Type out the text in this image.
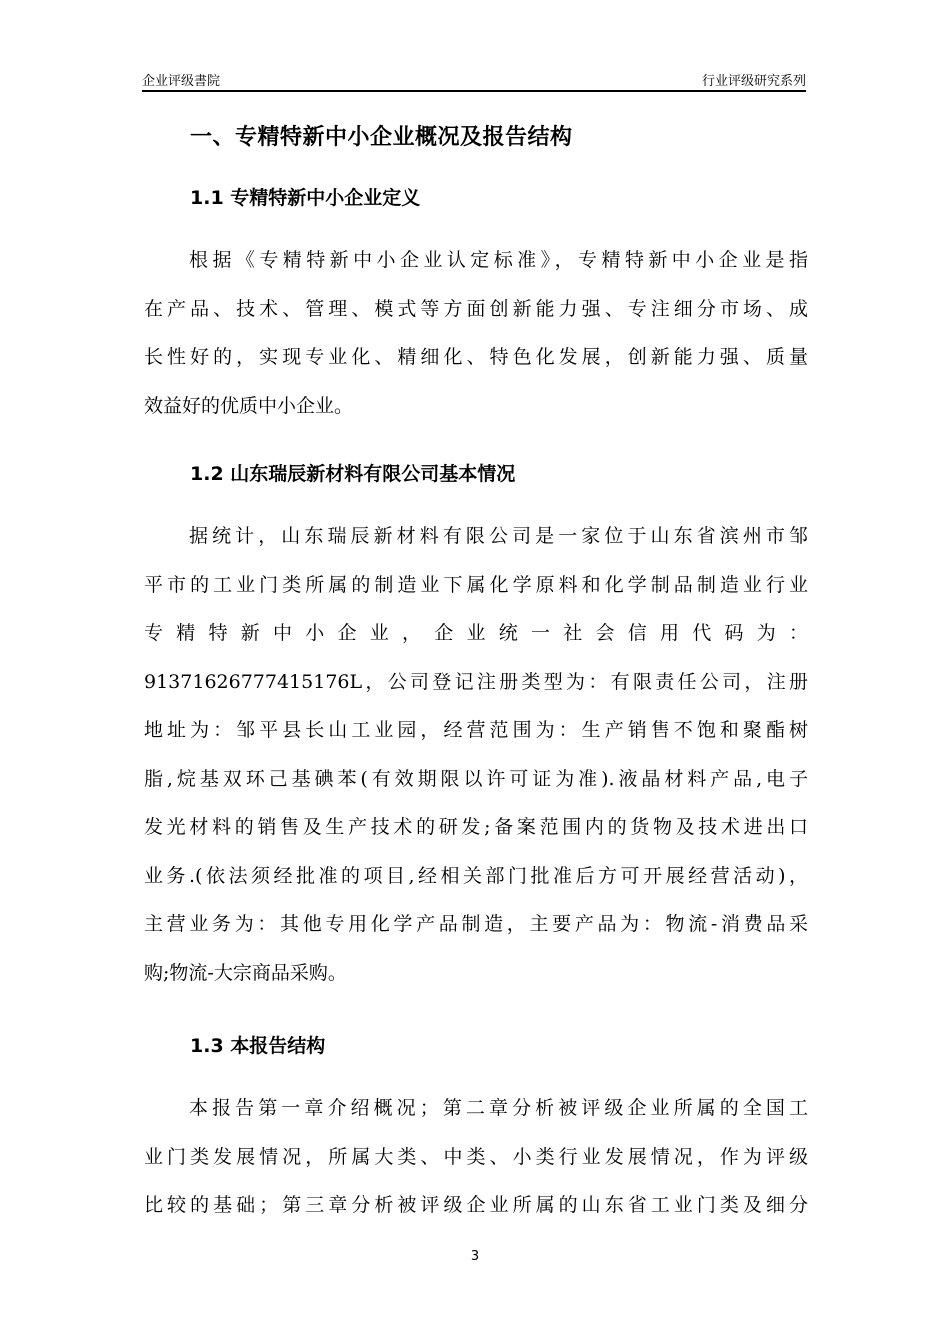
企业评级書院	行业评级研究系列
一、专精特新中小企业概况及报告结构
1.1 专精特新中小企业定义
根据《专精特新中小企业认定标准》，专精特新中小企业是指
在产品、技术、管理、模式等方面创新能力强、专注细分市场、成
长性好的，实现专业化、精细化、特色化发展，创新能力强、质量
效益好的优质中小企业。
1.2 山东瑞辰新材料有限公司基本情况
据统计，山东瑞辰新材料有限公司是一家位于山东省滨州市邹
平市的工业门类所属的制造业下属化学原料和化学制品制造业行业
专精特新中小企业，企业统一社会信用代码为：
91371626777415176L，公司登记注册类型为：有限责任公司，注册
地址为：邹平县长山工业园，经营范围为：生产销售不饱和聚酯树
脂,烷基双环己基碘苯(有效期限以许可证为准).液晶材料产品,电子
发光材料的销售及生产技术的研发;备案范围内的货物及技术进出口
业务.(依法须经批准的项目,经相关部门批准后方可开展经营活动)，
主营业务为：其他专用化学产品制造，主要产品为：物流-消费品采
购;物流-大宗商品采购。
1.3 本报告结构
本报告第一章介绍概况；第二章分析被评级企业所属的全国工
业门类发展情况，所属大类、中类、小类行业发展情况，作为评级
比较的基础；第三章分析被评级企业所属的山东省工业门类及细分
3
